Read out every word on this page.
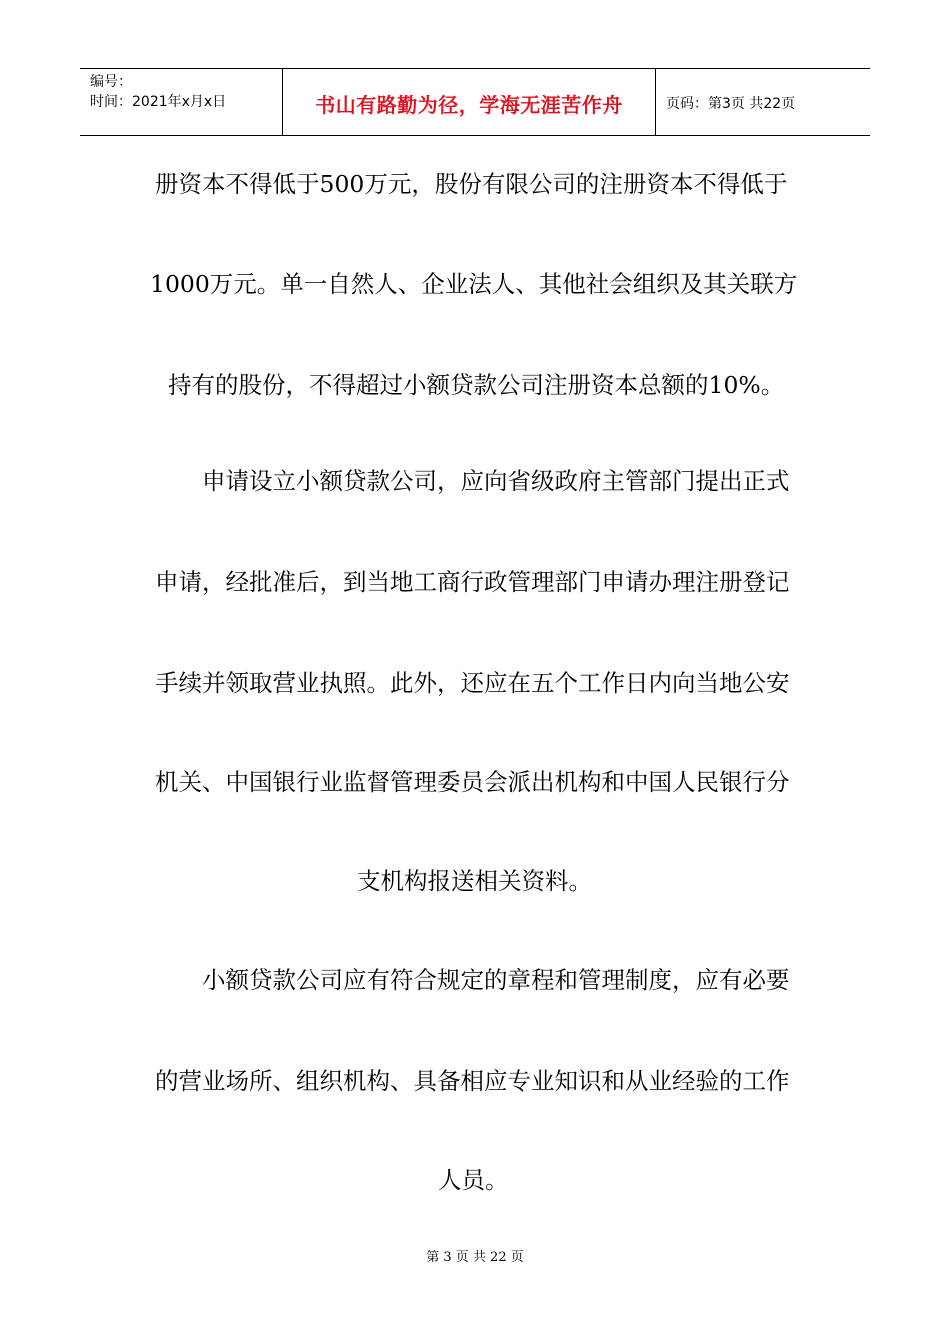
编号：
时间：2021年x月x日	书山有路勤为径，学海无涯苦作舟	页码：第3页 共22页
册资本不得低于500万元，股份有限公司的注册资本不得低于
1000万元。单一自然人、企业法人、其他社会组织及其关联方
持有的股份，不得超过小额贷款公司注册资本总额的10%。
申请设立小额贷款公司，应向省级政府主管部门提出正式
申请，经批准后，到当地工商行政管理部门申请办理注册登记
手续并领取营业执照。此外，还应在五个工作日内向当地公安
机关、中国银行业监督管理委员会派出机构和中国人民银行分
支机构报送相关资料。
小额贷款公司应有符合规定的章程和管理制度，应有必要
的营业场所、组织机构、具备相应专业知识和从业经验的工作
人员。
第 3 页 共 22 页
